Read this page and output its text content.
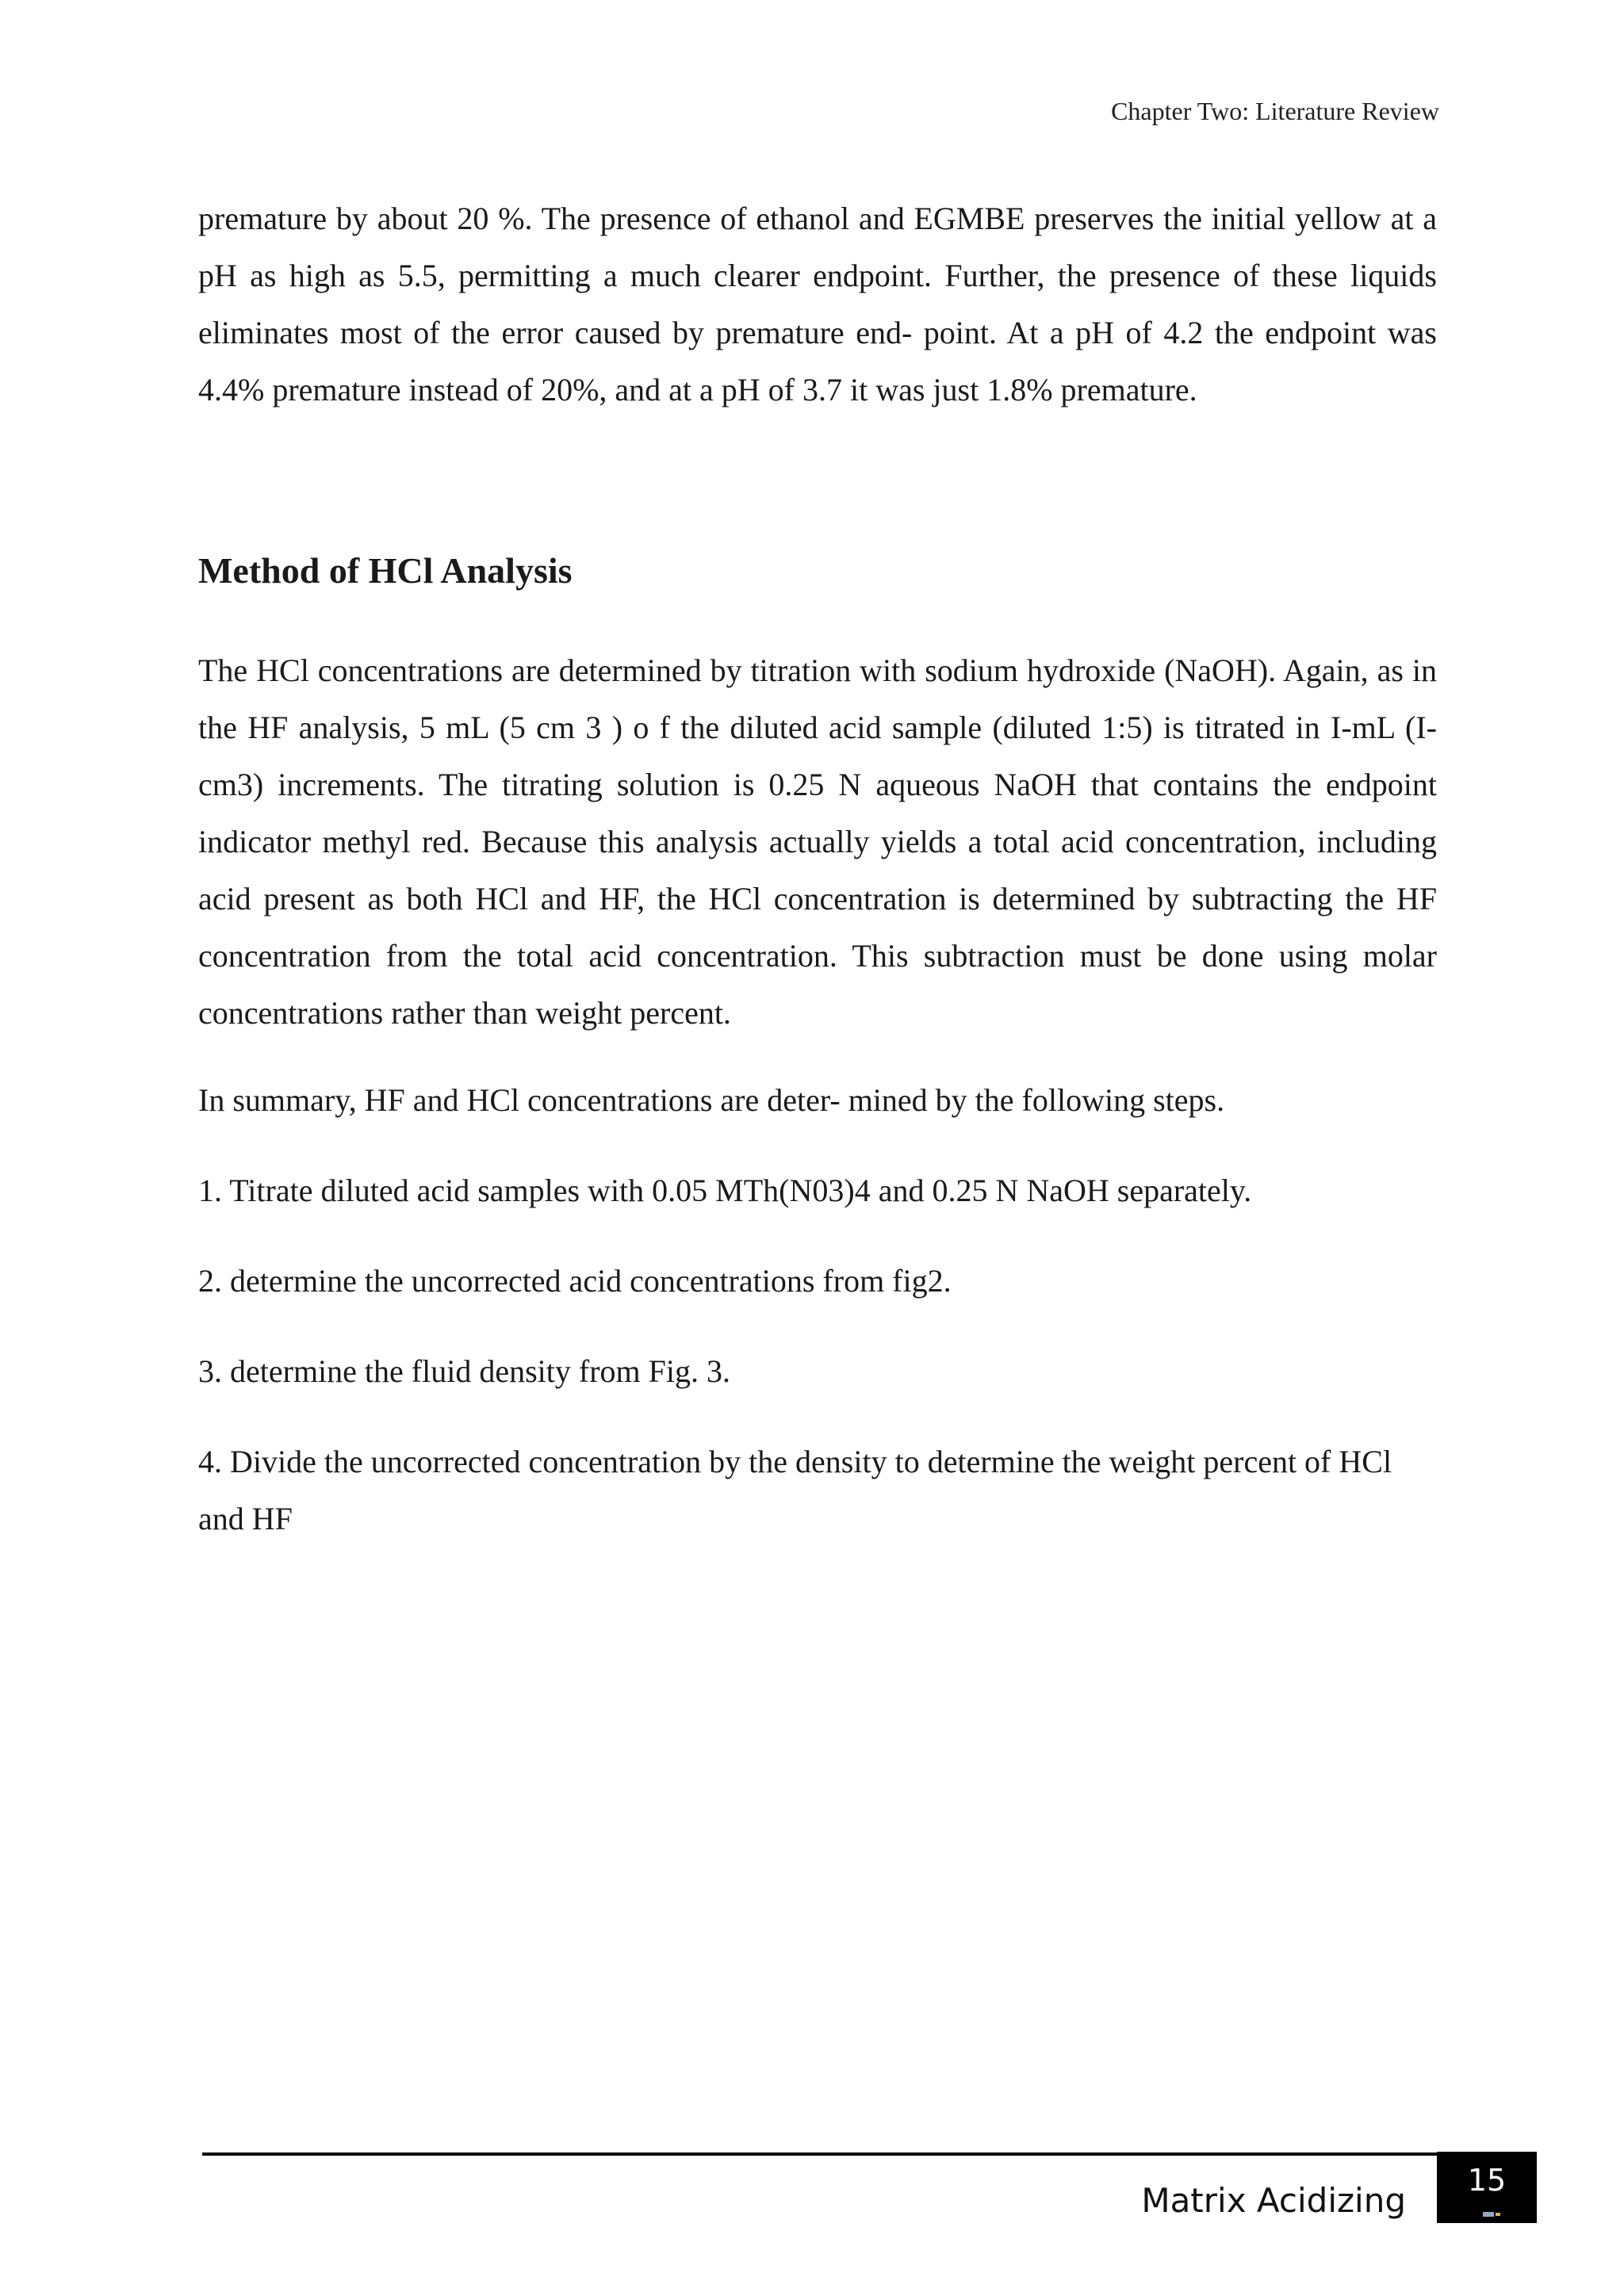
Chapter Two: Literature Review

premature by about 20 %. The presence of ethanol and EGMBE preserves the initial yellow at a pH as high as 5.5, permitting a much clearer endpoint. Further, the presence of these liquids eliminates most of the error caused by premature end- point. At a pH of 4.2 the endpoint was 4.4% premature instead of 20%, and at a pH of 3.7 it was just 1.8% premature.

Method of HCl Analysis

The HCl concentrations are determined by titration with sodium hydroxide (NaOH). Again, as in the HF analysis, 5 mL (5 cm 3 ) o f the diluted acid sample (diluted 1:5) is titrated in I-mL (I-cm3) increments. The titrating solution is 0.25 N aqueous NaOH that contains the endpoint indicator methyl red. Because this analysis actually yields a total acid concentration, including acid present as both HCl and HF, the HCl concentration is determined by subtracting the HF concentration from the total acid concentration. This subtraction must be done using molar concentrations rather than weight percent.

In summary, HF and HCl concentrations are deter- mined by the following steps.

1. Titrate diluted acid samples with 0.05 MTh(N03)4 and 0.25 N NaOH separately.

2. determine the uncorrected acid concentrations from fig2.

3. determine the fluid density from Fig. 3.

4. Divide the uncorrected concentration by the density to determine the weight percent of HCl and HF

Matrix Acidizing
15
